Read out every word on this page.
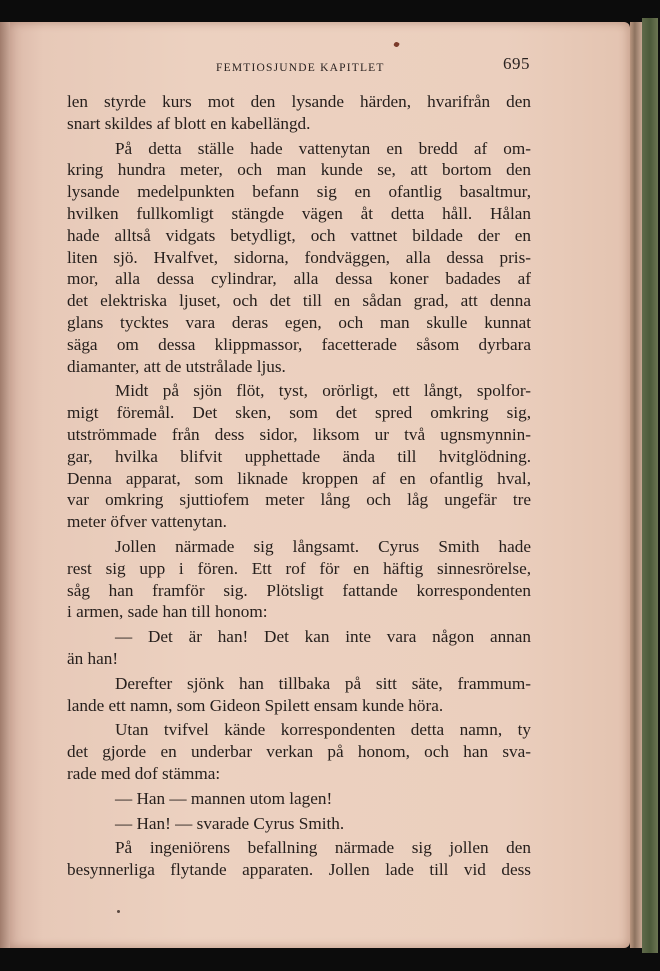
FEMTIOSJUNDE KAPITLET	695

len styrde kurs mot den lysande härden, hvarifrån den
snart skildes af blott en kabellängd.

På detta ställe hade vattenytan en bredd af om-
kring hundra meter, och man kunde se, att bortom den
lysande medelpunkten befann sig en ofantlig basaltmur,
hvilken fullkomligt stängde vägen åt detta håll. Hålan
hade alltså vidgats betydligt, och vattnet bildade der en
liten sjö. Hvalfvet, sidorna, fondväggen, alla dessa pris-
mor, alla dessa cylindrar, alla dessa koner badades af
det elektriska ljuset, och det till en sådan grad, att denna
glans tycktes vara deras egen, och man skulle kunnat
säga om dessa klippmassor, facetterade såsom dyrbara
diamanter, att de utstrålade ljus.

Midt på sjön flöt, tyst, orörligt, ett långt, spolfor-
migt föremål. Det sken, som det spred omkring sig,
utströmmade från dess sidor, liksom ur två ugnsmynnin-
gar, hvilka blifvit upphettade ända till hvitglödning.
Denna apparat, som liknade kroppen af en ofantlig hval,
var omkring sjuttiofem meter lång och låg ungefär tre
meter öfver vattenytan.

Jollen närmade sig långsamt. Cyrus Smith hade
rest sig upp i fören. Ett rof för en häftig sinnesrörelse,
såg han framför sig. Plötsligt fattande korrespondenten
i armen, sade han till honom:

— Det är han! Det kan inte vara någon annan
än han!

Derefter sjönk han tillbaka på sitt säte, frammum-
lande ett namn, som Gideon Spilett ensam kunde höra.

Utan tvifvel kände korrespondenten detta namn, ty
det gjorde en underbar verkan på honom, och han sva-
rade med dof stämma:

— Han — mannen utom lagen!

— Han! — svarade Cyrus Smith.

På ingeniörens befallning närmade sig jollen den
besynnerliga flytande apparaten. Jollen lade till vid dess
